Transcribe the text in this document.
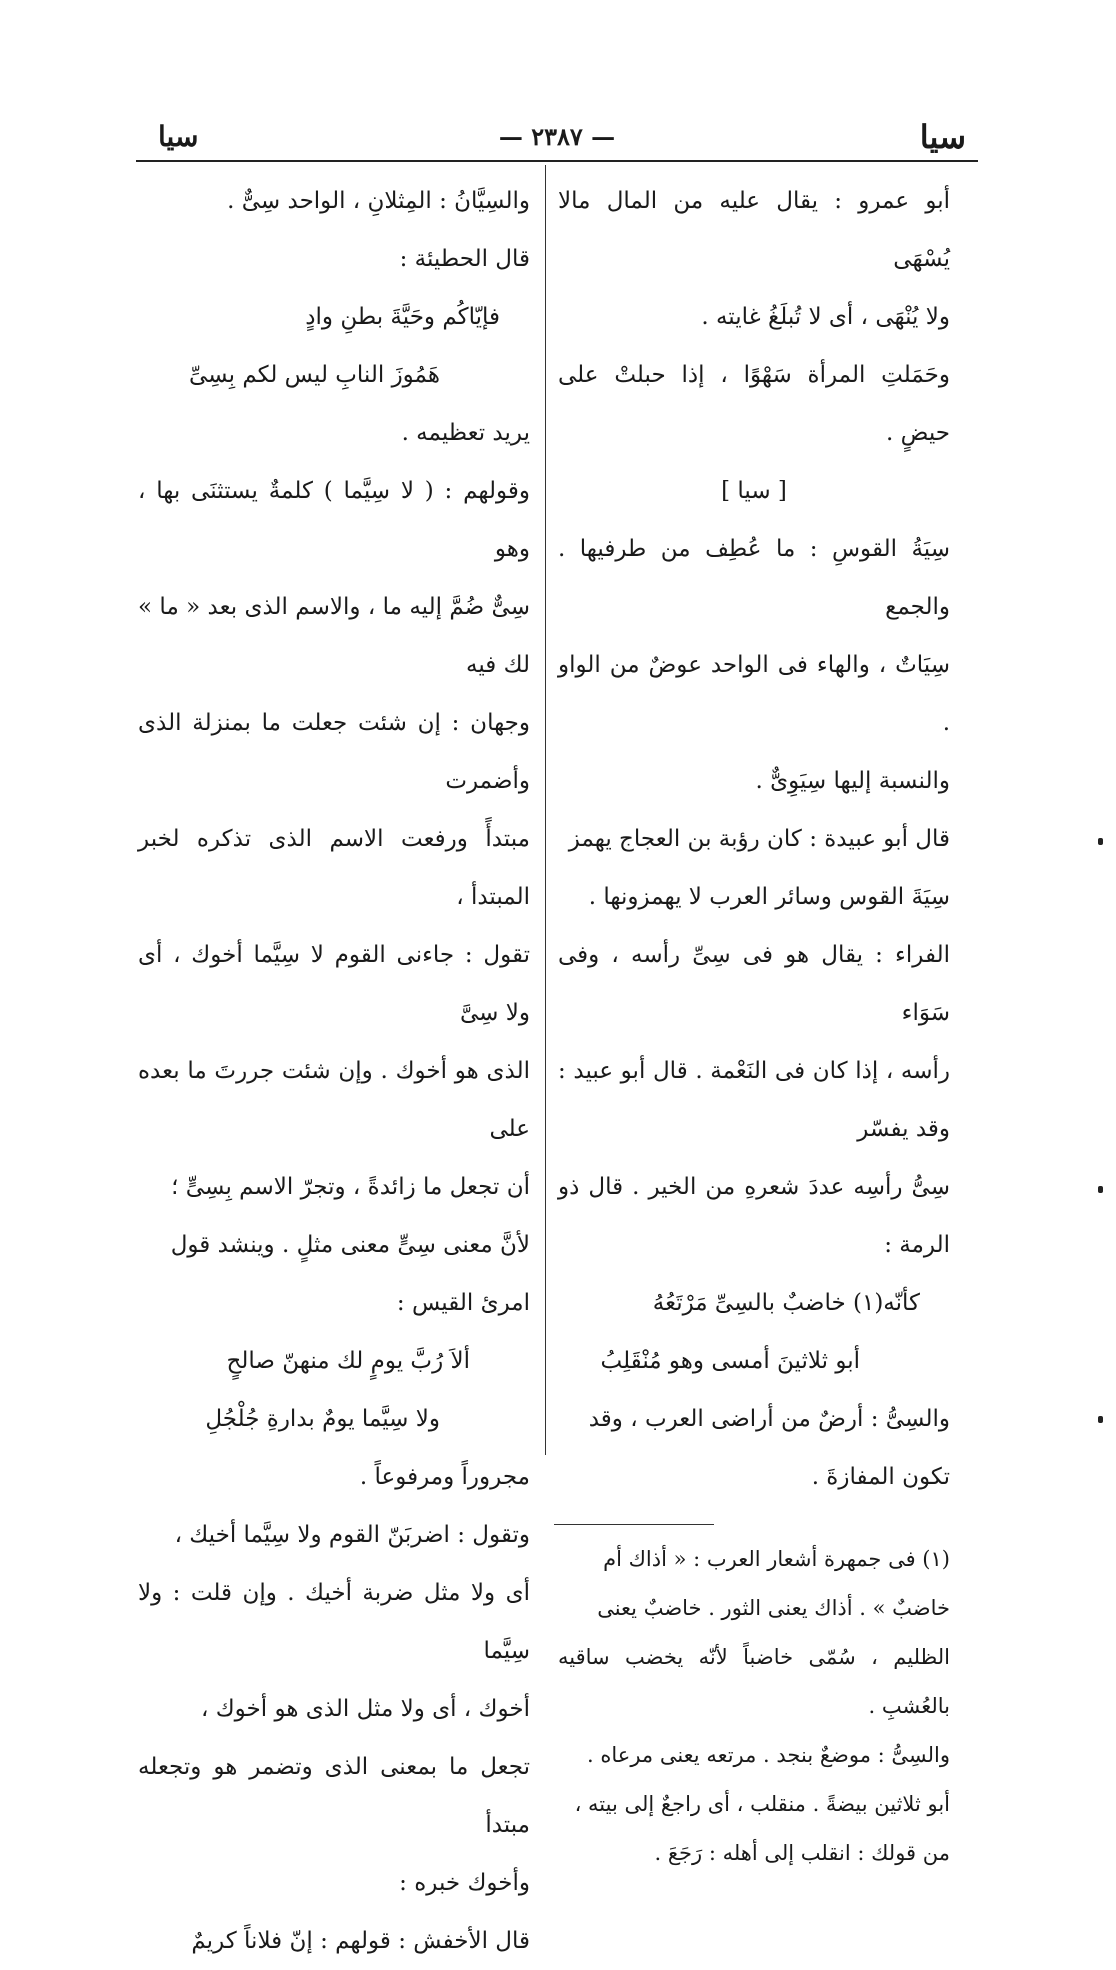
سيا
— ٢٣٨٧ —
سيا

أبو عمرو : يقال عليه من المال مالا يُسْهَى

ولا يُنْهَى ، أى لا تُبلَغُ غايته .

وحَمَلتِ المرأة سَهْوًا ، إذا حبلتْ على حيضٍ .

[ سيا ]

سِيَةُ القوسِ : ما عُطِف من طرفيها . والجمع

سِيَاتٌ ، والهاء فى الواحد عوضٌ من الواو .

والنسبة إليها سِيَوِىٌّ .

قال أبو عبيدة : كان رؤبة بن العجاج يهمز

سِيَةَ القوس وسائر العرب لا يهمزونها .

الفراء : يقال هو فى سِىِّ رأسه ، وفى سَوَاء

رأسه ، إذا كان فى النَعْمة . قال أبو عبيد : وقد يفسّر

سِىُّ رأسِه عددَ شعرهِ من الخير . قال ذو الرمة :

كأنّه(١) خاضبٌ بالسِىِّ مَرْتَعُهُ

أبو ثلاثينَ أمسى وهو مُنْقَلِبُ

والسِىُّ : أرضٌ من أراضى العرب ، وقد

تكون المفازةَ .

(١) فى جمهرة أشعار العرب : « أذاك أم

خاضبٌ » . أذاك يعنى الثور . خاضبٌ يعنى

الظليم ، سُمّى خاضباً لأنّه يخضب ساقيه بالعُشبِ .

والسِىُّ : موضعٌ بنجد . مرتعه يعنى مرعاه .

أبو ثلاثين بيضةً . منقلب ، أى راجعٌ إلى بيته ،

من قولك : انقلب إلى أهله : رَجَعَ .

والسِيَّانُ : المِثلانِ ، الواحد سِىٌّ .

قال الحطيئة :

فإيّاكُم وحَيَّةَ بطنِ وادٍ

هَمُوزَ النابِ ليس لكم بِسِىِّ

يريد تعظيمه .

وقولهم : ( لا سِيَّما ) كلمةٌ يستثنَى بها ، وهو

سِىٌّ ضُمَّ إليه ما ، والاسم الذى بعد « ما » لك فيه

وجهان : إن شئت جعلت ما بمنزلة الذى وأضمرت

مبتدأً ورفعت الاسم الذى تذكره لخبر المبتدأ ،

تقول : جاءنى القوم لا سِيَّما أخوك ، أى ولا سِىَّ

الذى هو أخوك . وإن شئت جررتَ ما بعده على

أن تجعل ما زائدةً ، وتجرّ الاسم بِسِىٍّ ؛

لأنَّ معنى سِىٍّ معنى مثلٍ . وينشد قول

امرئ القيس :

ألاَ رُبَّ يومٍ لك منهنّ صالحٍ

ولا سِيَّما يومٌ بدارةِ جُلْجُلِ

مجروراً ومرفوعاً .

وتقول : اضربَنّ القوم ولا سِيَّما أخيك ،

أى ولا مثل ضربة أخيك . وإن قلت : ولا سِيَّما

أخوك ، أى ولا مثل الذى هو أخوك ،

تجعل ما بمعنى الذى وتضمر هو وتجعله مبتدأ

وأخوك خبره :

قال الأخفش : قولهم : إنّ فلاناً كريمٌ
